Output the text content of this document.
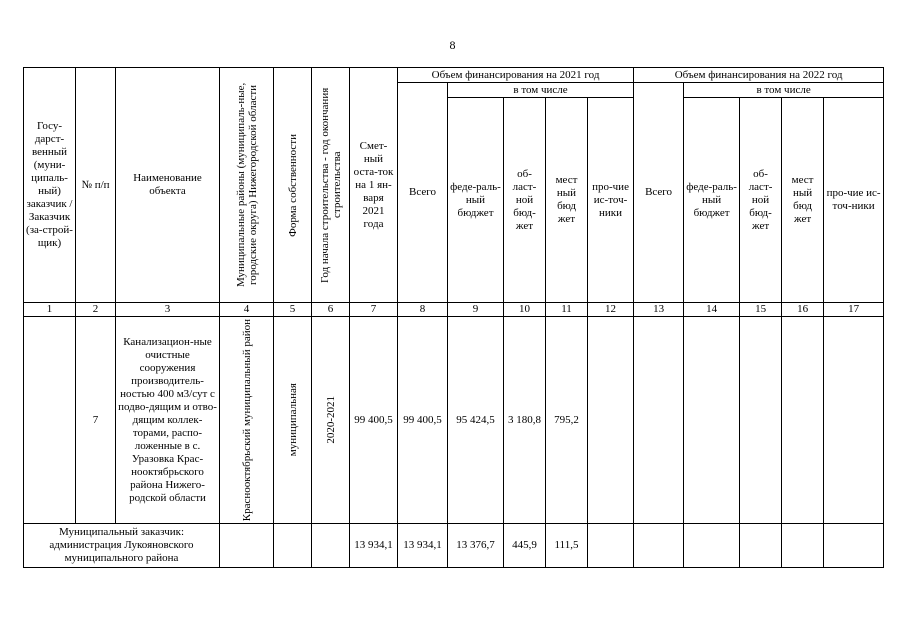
8
Госу-дарст-венный (муни-ципаль-ный) заказчик / Заказчик (за-строй-щик)	№ п/п	Наименование объекта	Муниципальные районы (муниципаль-ные, городские округа) Нижегородской области	Форма собственности	Год начала строительства - год окончания строительства	Смет-ный оста-ток на 1 ян-варя 2021 года	Объем финансирования на 2021 год					Объем финансирования на 2022 год				
							Всего	в том числе				Всего	в том числе			
								феде-раль-ный бюджет	об-ласт-ной бюд-жет	мест ный бюд жет	про-чие ис-точ-ники		феде-раль-ный бюджет	об-ласт-ной бюд-жет	мест ный бюд жет	про-чие ис-точ-ники
1	2	3	4	5	6	7	8	9	10	11	12	13	14	15	16	17
	7	Канализацион-ные очистные сооружения производитель-ностью 400 м3/сут с подво-дящим и отво-дящим коллек-торами, распо-ложенные в с. Уразовка Крас-нооктябрьского района Нижего-родской области	Краснооктябрьский муниципальный район	муниципальная	2020-2021	99 400,5	99 400,5	95 424,5	3 180,8	795,2						
Муниципальный заказчик: администрация Лукояновского муниципального района						13 934,1	13 934,1	13 376,7	445,9	111,5						
